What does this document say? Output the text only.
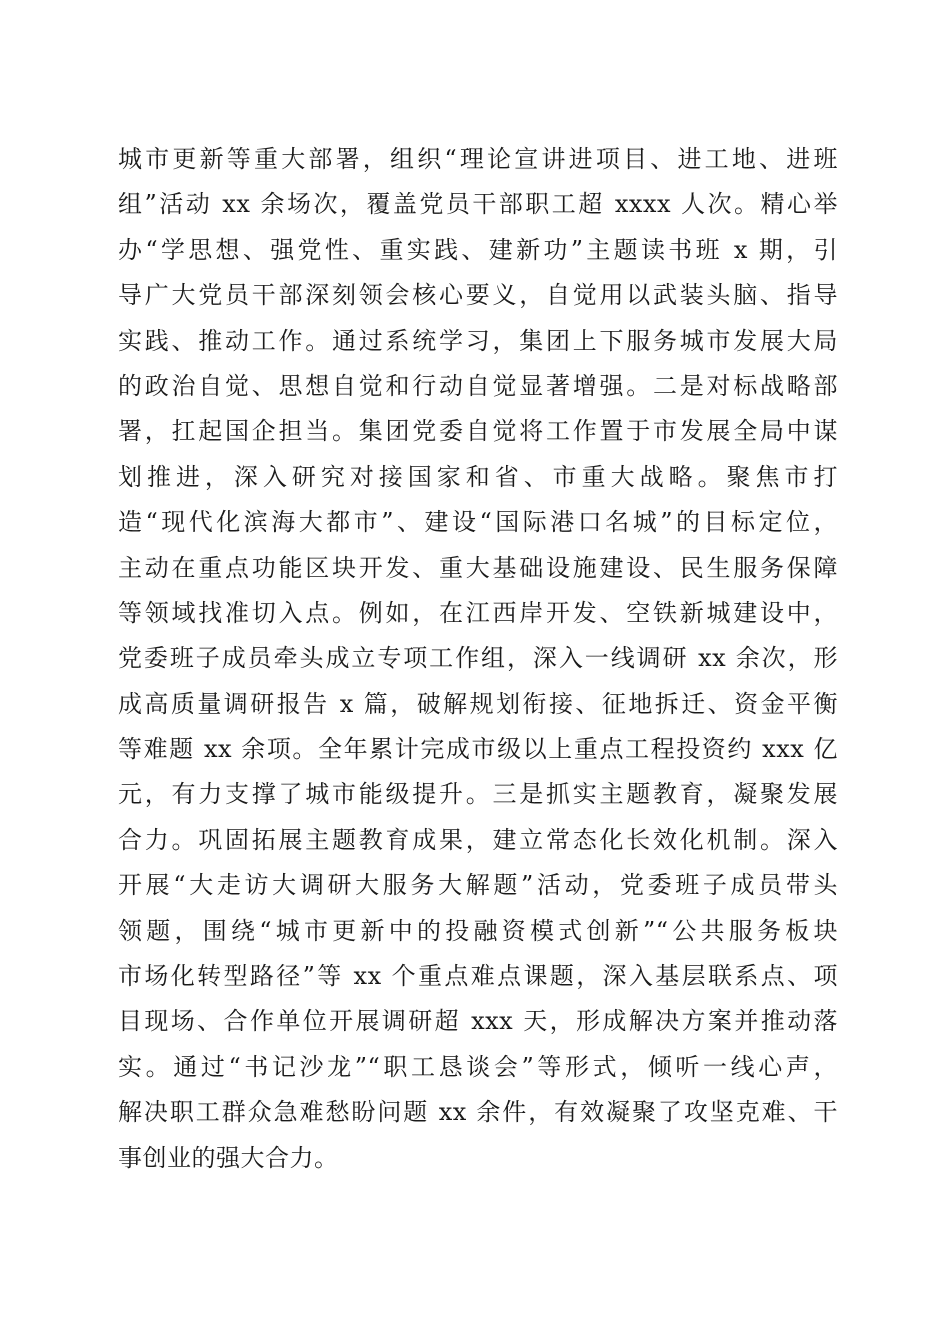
城市更新等重大部署，组织“理论宣讲进项目、进工地、进班
组”活动 xx 余场次，覆盖党员干部职工超 xxxx 人次。精心举
办“学思想、强党性、重实践、建新功”主题读书班 x 期，引
导广大党员干部深刻领会核心要义，自觉用以武装头脑、指导
实践、推动工作。通过系统学习，集团上下服务城市发展大局
的政治自觉、思想自觉和行动自觉显著增强。二是对标战略部
署，扛起国企担当。集团党委自觉将工作置于市发展全局中谋
划推进，深入研究对接国家和省、市重大战略。聚焦市打
造“现代化滨海大都市”、建设“国际港口名城”的目标定位，
主动在重点功能区块开发、重大基础设施建设、民生服务保障
等领域找准切入点。例如，在江西岸开发、空铁新城建设中，
党委班子成员牵头成立专项工作组，深入一线调研 xx 余次，形
成高质量调研报告 x 篇，破解规划衔接、征地拆迁、资金平衡
等难题 xx 余项。全年累计完成市级以上重点工程投资约 xxx 亿
元，有力支撑了城市能级提升。三是抓实主题教育，凝聚发展
合力。巩固拓展主题教育成果，建立常态化长效化机制。深入
开展“大走访大调研大服务大解题”活动，党委班子成员带头
领题，围绕“城市更新中的投融资模式创新”“公共服务板块
市场化转型路径”等 xx 个重点难点课题，深入基层联系点、项
目现场、合作单位开展调研超 xxx 天，形成解决方案并推动落
实。通过“书记沙龙”“职工恳谈会”等形式，倾听一线心声，
解决职工群众急难愁盼问题 xx 余件，有效凝聚了攻坚克难、干
事创业的强大合力。
